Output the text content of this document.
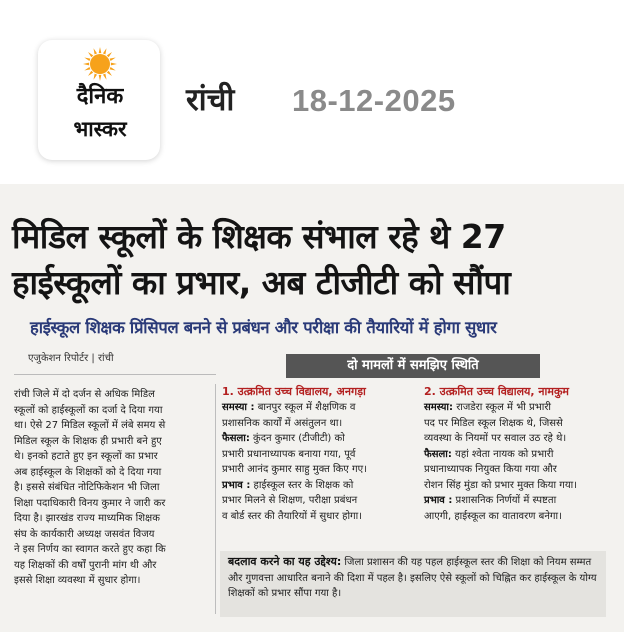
दैनिक
भास्कर
रांची 18-12-2025
मिडिल स्कूलों के शिक्षक संभाल रहे थे 27
हाईस्कूलों का प्रभार, अब टीजीटी को सौंपा
हाईस्कूल शिक्षक प्रिंसिपल बनने से प्रबंधन और परीक्षा की तैयारियों में होगा सुधार
एजुकेशन रिपोर्टर | रांची	दो मामलों में समझिए स्थिति
रांची जिले में दो दर्जन से अधिक मिडिल
स्कूलों को हाईस्कूलों का दर्जा दे दिया गया
था। ऐसे 27 मिडिल स्कूलों में लंबे समय से
मिडिल स्कूल के शिक्षक ही प्रभारी बने हुए
थे। इनको हटाते हुए इन स्कूलों का प्रभार
अब हाईस्कूल के शिक्षकों को दे दिया गया
है। इससे संबंधित नोटिफिकेशन भी जिला
शिक्षा पदाधिकारी विनय कुमार ने जारी कर
दिया है। झारखंड राज्य माध्यमिक शिक्षक
संघ के कार्यकारी अध्यक्ष जसवंत विजय
ने इस निर्णय का स्वागत करते हुए कहा कि
यह शिक्षकों की वर्षों पुरानी मांग थी और
इससे शिक्षा व्यवस्था में सुधार होगा।
1. उत्क्रमित उच्च विद्यालय, अनगड़ा
समस्या : बानपुर स्कूल में शैक्षणिक व
प्रशासनिक कार्यों में असंतुलन था।
फैसला: कुंदन कुमार (टीजीटी) को
प्रभारी प्रधानाध्यापक बनाया गया, पूर्व
प्रभारी आनंद कुमार साहु मुक्त किए गए।
प्रभाव : हाईस्कूल स्तर के शिक्षक को
प्रभार मिलने से शिक्षण, परीक्षा प्रबंधन
व बोर्ड स्तर की तैयारियों में सुधार होगा।
2. उत्क्रमित उच्च विद्यालय, नामकुम
समस्या: राजडेरा स्कूल में भी प्रभारी
पद पर मिडिल स्कूल शिक्षक थे, जिससे
व्यवस्था के नियमों पर सवाल उठ रहे थे।
फैसला: यहां श्वेता नायक को प्रभारी
प्रधानाध्यापक नियुक्त किया गया और
रोशन सिंह मुंडा को प्रभार मुक्त किया गया।
प्रभाव : प्रशासनिक निर्णयों में स्पष्टता
आएगी, हाईस्कूल का वातावरण बनेगा।
बदलाव करने का यह उद्देश्य: जिला प्रशासन की यह पहल हाईस्कूल स्तर की शिक्षा को नियम सम्मत और गुणवत्ता आधारित बनाने की दिशा में पहल है। इसलिए ऐसे स्कूलों को चिह्नित कर हाईस्कूल के योग्य शिक्षकों को प्रभार सौंपा गया है।
